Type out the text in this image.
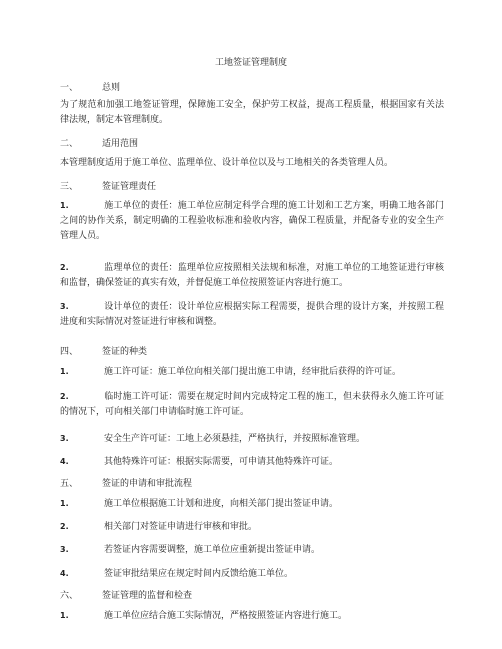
工地签证管理制度
一、	总则
为了规范和加强工地签证管理，保障施工安全，保护劳工权益，提高工程质量，根据国家有关法律法规，制定本管理制度。
二、	适用范围
本管理制度适用于施工单位、监理单位、设计单位以及与工地相关的各类管理人员。
三、	签证管理责任
1.	施工单位的责任：施工单位应制定科学合理的施工计划和工艺方案，明确工地各部门之间的协作关系，制定明确的工程验收标准和验收内容，确保工程质量，并配备专业的安全生产管理人员。
2.	监理单位的责任：监理单位应按照相关法规和标准，对施工单位的工地签证进行审核和监督，确保签证的真实有效，并督促施工单位按照签证内容进行施工。
3.	设计单位的责任：设计单位应根据实际工程需要，提供合理的设计方案，并按照工程进度和实际情况对签证进行审核和调整。
四、	签证的种类
1.	施工许可证：施工单位向相关部门提出施工申请，经审批后获得的许可证。
2.	临时施工许可证：需要在规定时间内完成特定工程的施工，但未获得永久施工许可证的情况下，可向相关部门申请临时施工许可证。
3.	安全生产许可证：工地上必须悬挂，严格执行，并按照标准管理。
4.	其他特殊许可证：根据实际需要，可申请其他特殊许可证。
五、	签证的申请和审批流程
1.	施工单位根据施工计划和进度，向相关部门提出签证申请。
2.	相关部门对签证申请进行审核和审批。
3.	若签证内容需要调整，施工单位应重新提出签证申请。
4.	签证审批结果应在规定时间内反馈给施工单位。
六、	签证管理的监督和检查
1.	施工单位应结合施工实际情况，严格按照签证内容进行施工。
